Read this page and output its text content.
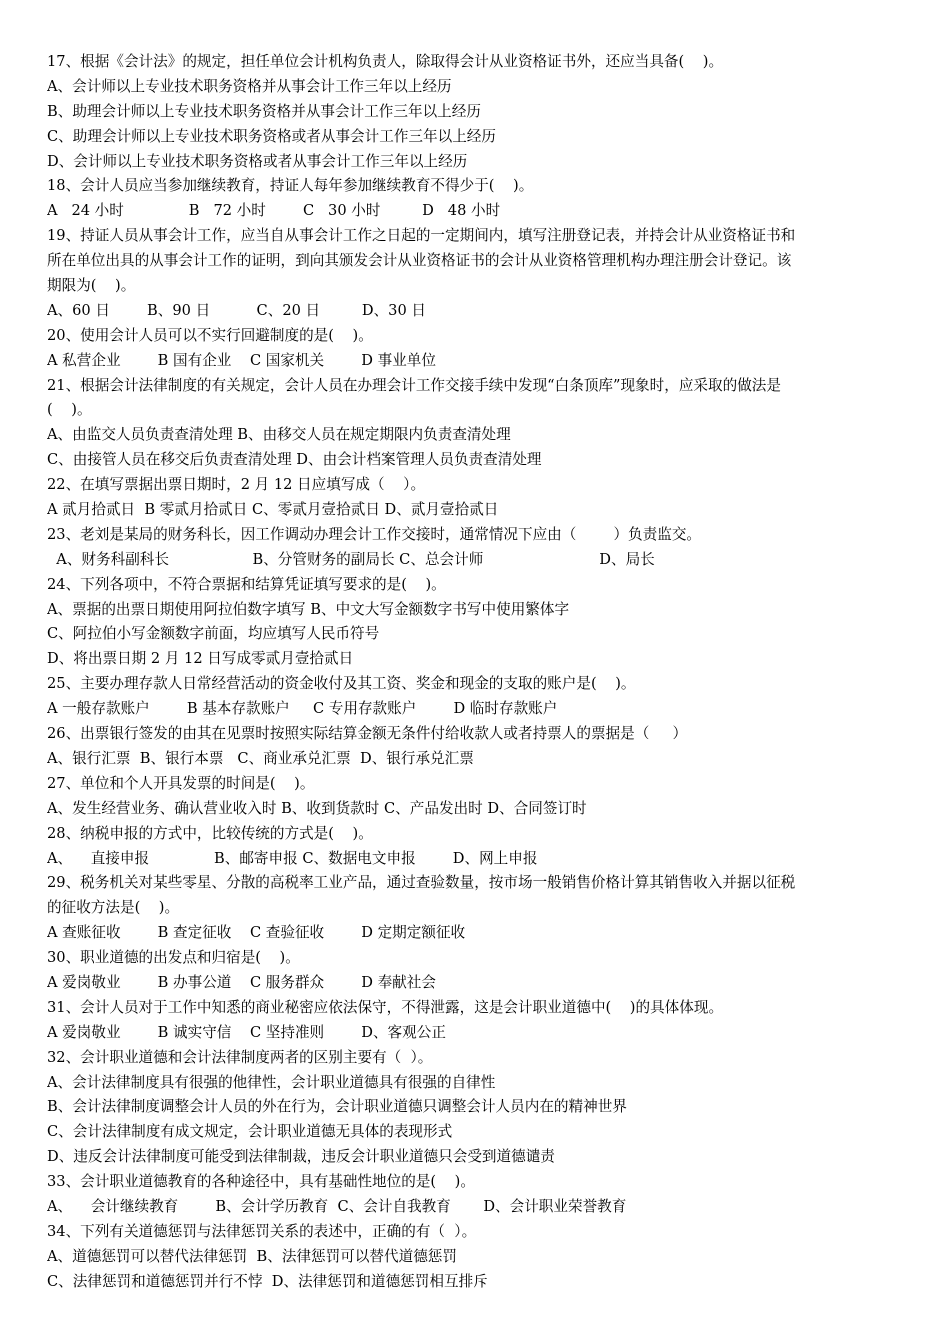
17、根据《会计法》的规定，担任单位会计机构负责人，除取得会计从业资格证书外，还应当具备(    )。
A、会计师以上专业技术职务资格并从事会计工作三年以上经历
B、助理会计师以上专业技术职务资格并从事会计工作三年以上经历
C、助理会计师以上专业技术职务资格或者从事会计工作三年以上经历
D、会计师以上专业技术职务资格或者从事会计工作三年以上经历
18、会计人员应当参加继续教育，持证人每年参加继续教育不得少于(    )。
A   24 小时              B   72 小时        C   30 小时         D   48 小时
19、持证人员从事会计工作，应当自从事会计工作之日起的一定期间内，填写注册登记表，并持会计从业资格证书和
所在单位出具的从事会计工作的证明，到向其颁发会计从业资格证书的会计从业资格管理机构办理注册会计登记。该
期限为(    )。
A、60 日        B、90 日          C、20 日         D、30 日
20、使用会计人员可以不实行回避制度的是(    )。
A 私营企业        B 国有企业    C 国家机关        D 事业单位
21、根据会计法律制度的有关规定，会计人员在办理会计工作交接手续中发现“白条顶库”现象时，应采取的做法是
(    )。
A、由监交人员负责查清处理 B、由移交人员在规定期限内负责查清处理
C、由接管人员在移交后负责查清处理 D、由会计档案管理人员负责查清处理
22、在填写票据出票日期时，2 月 12 日应填写成（    ）。
A 贰月拾贰日  B 零贰月拾贰日 C、零贰月壹拾贰日 D、贰月壹拾贰日
23、老刘是某局的财务科长，因工作调动办理会计工作交接时，通常情况下应由（        ）负责监交。
A、财务科副科长                  B、分管财务的副局长 C、总会计师                         D、局长
24、下列各项中，不符合票据和结算凭证填写要求的是(    )。
A、票据的出票日期使用阿拉伯数字填写 B、中文大写金额数字书写中使用繁体字
C、阿拉伯小写金额数字前面，均应填写人民币符号
D、将出票日期 2 月 12 日写成零贰月壹拾贰日
25、主要办理存款人日常经营活动的资金收付及其工资、奖金和现金的支取的账户是(    )。
A 一般存款账户        B 基本存款账户     C 专用存款账户        D 临时存款账户
26、出票银行签发的由其在见票时按照实际结算金额无条件付给收款人或者持票人的票据是（     ）
A、银行汇票  B、银行本票   C、商业承兑汇票  D、银行承兑汇票
27、单位和个人开具发票的时间是(    )。
A、发生经营业务、确认营业收入时 B、收到货款时 C、产品发出时 D、合同签订时
28、纳税申报的方式中，比较传统的方式是(    )。
A、    直接申报              B、邮寄申报 C、数据电文申报        D、网上申报
29、税务机关对某些零星、分散的高税率工业产品，通过查验数量，按市场一般销售价格计算其销售收入并据以征税
的征收方法是(    )。
A 查账征收        B 查定征收    C 查验征收        D 定期定额征收
30、职业道德的出发点和归宿是(    )。
A 爱岗敬业        B 办事公道    C 服务群众        D 奉献社会
31、会计人员对于工作中知悉的商业秘密应依法保守，不得泄露，这是会计职业道德中(    )的具体体现。
A 爱岗敬业        B 诚实守信    C 坚持准则        D、客观公正
32、会计职业道德和会计法律制度两者的区别主要有（  ）。
A、会计法律制度具有很强的他律性，会计职业道德具有很强的自律性
B、会计法律制度调整会计人员的外在行为，会计职业道德只调整会计人员内在的精神世界
C、会计法律制度有成文规定，会计职业道德无具体的表现形式
D、违反会计法律制度可能受到法律制裁，违反会计职业道德只会受到道德谴责
33、会计职业道德教育的各种途径中，具有基础性地位的是(    )。
A、    会计继续教育        B、会计学历教育  C、会计自我教育       D、会计职业荣誉教育
34、下列有关道德惩罚与法律惩罚关系的表述中，正确的有（  ）。
A、道德惩罚可以替代法律惩罚  B、法律惩罚可以替代道德惩罚
C、法律惩罚和道德惩罚并行不悖  D、法律惩罚和道德惩罚相互排斥
